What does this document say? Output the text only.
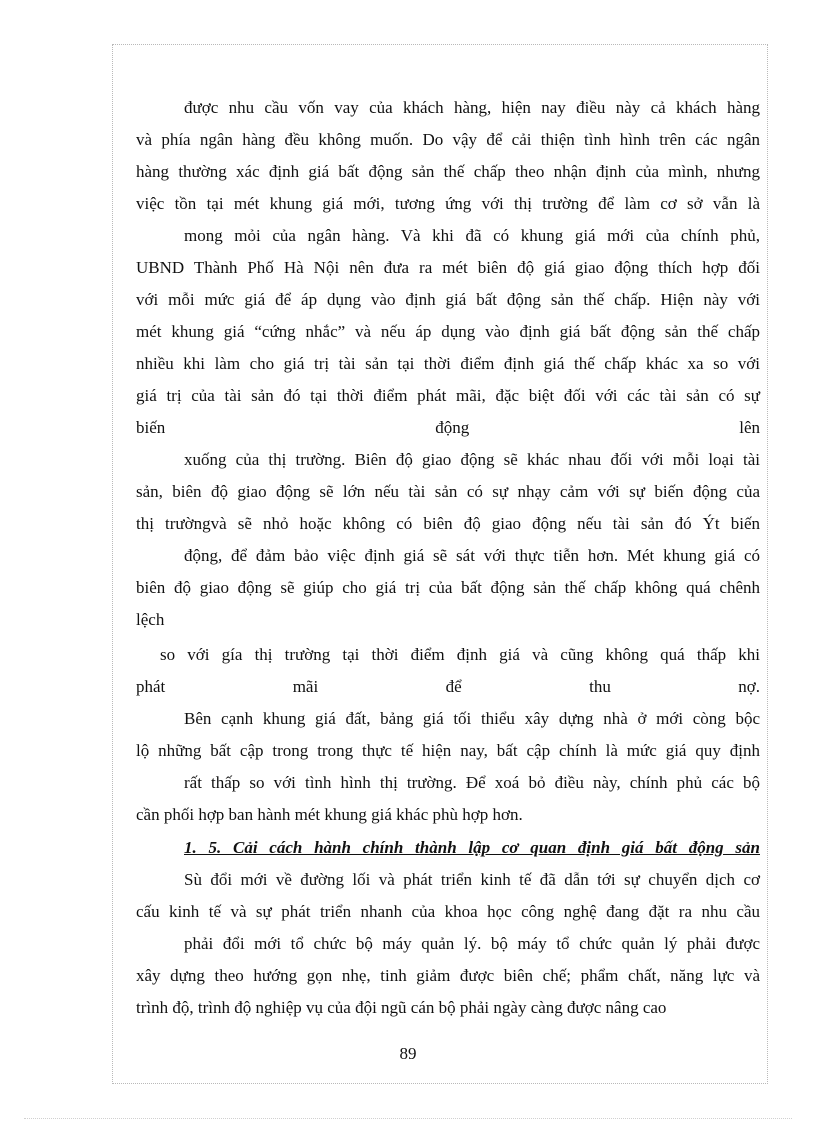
được nhu cầu vốn vay của khách hàng, hiện nay điều này cả khách hàng
và phía ngân hàng đều không muốn. Do vậy để cải thiện tình hình trên các ngân
hàng thường xác định giá bất động sản thế chấp theo nhận định của mình, nhưng
việc tồn tại mét khung giá mới, tương ứng với thị trường để làm cơ sở vẫn là
mong mỏi của ngân hàng. Và khi đã có khung giá mới của chính phủ,
UBND Thành Phố Hà Nội nên đưa ra mét biên độ giá giao động thích hợp đối
với mỗi mức giá để áp dụng vào định giá bất động sản thế chấp. Hiện này với
mét khung giá “cứng nhắc” và nếu áp dụng vào định giá bất động sản thế chấp
nhiều khi làm cho giá trị tài sản tại thời điểm định giá thế chấp khác xa so với
giá trị của tài sản đó tại thời điểm phát mãi, đặc biệt đối với các tài sản có sự
biến động lên
xuống của thị trường. Biên độ giao động sẽ khác nhau đối với mỗi loại tài
sản, biên độ giao động sẽ lớn nếu tài sản có sự nhạy cảm với sự biến động của
thị trườngvà sẽ nhỏ hoặc không có biên độ giao động nếu tài sản đó Ýt biến
động, để đảm bảo việc định giá sẽ sát với thực tiễn hơn. Mét khung giá có
biên độ giao động sẽ giúp cho giá trị của bất động sản thế chấp không quá chênh
lệch
so với gía thị trường tại thời điểm định giá và cũng không quá thấp khi
phát mãi để thu nợ.
Bên cạnh khung giá đất, bảng giá tối thiểu xây dựng nhà ở mới còng bộc
lộ những bất cập trong trong thực tế hiện nay, bất cập chính là mức giá quy định
rất thấp so với tình hình thị trường. Để xoá bỏ điều này, chính phủ các bộ
cần phối hợp ban hành mét khung giá khác phù hợp hơn.
1. 5. Cải cách hành chính thành lập cơ quan định giá bất động sản
Sù đổi mới về đường lối và phát triển kinh tế đã dẫn tới sự chuyển dịch cơ
cấu kinh tế và sự phát triển nhanh của khoa học công nghệ đang đặt ra nhu cầu
phải đổi mới tổ chức bộ máy quản lý. bộ máy tổ chức quản lý phải được
xây dựng theo hướng gọn nhẹ, tinh giảm được biên chế; phẩm chất, năng lực và
trình độ, trình độ nghiệp vụ của đội ngũ cán bộ phải ngày càng được nâng cao
89
